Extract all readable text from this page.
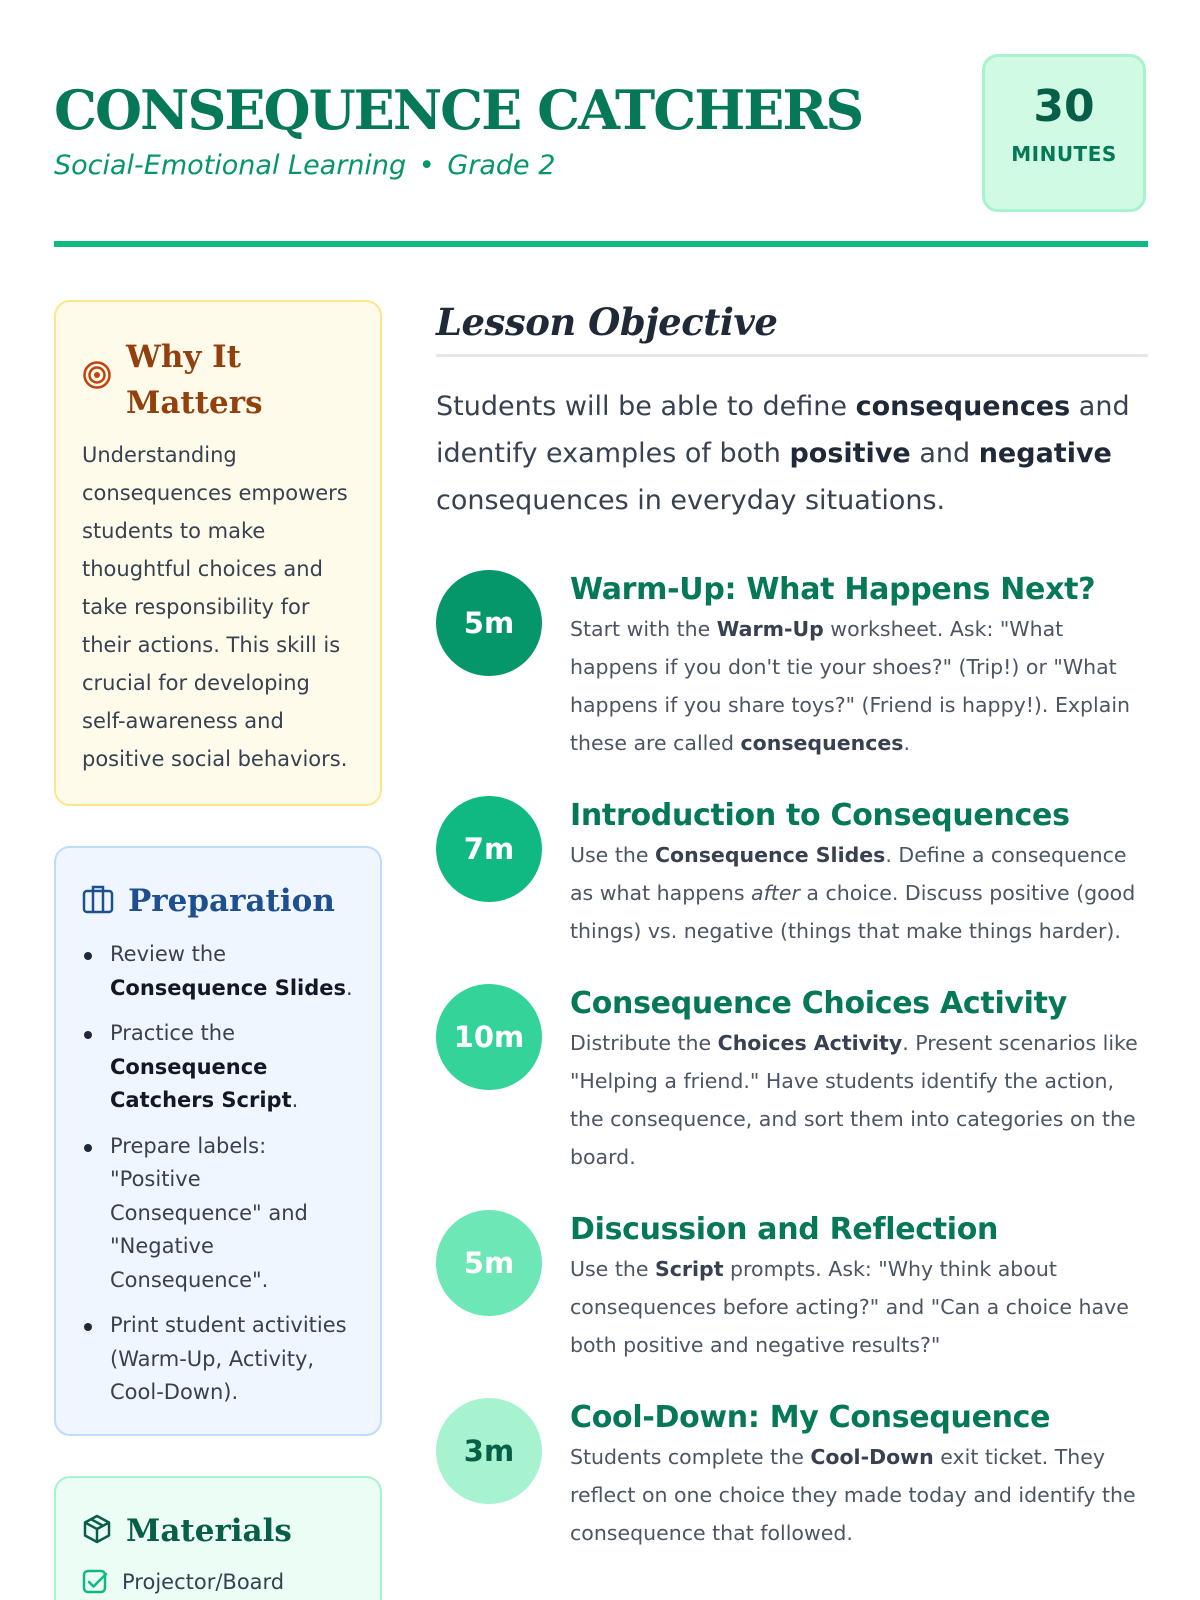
CONSEQUENCE CATCHERS
Social-Emotional Learning • Grade 2
30
MINUTES
Why It Matters

Understanding consequences empowers students to make thoughtful choices and take responsibility for their actions. This skill is crucial for developing self-awareness and positive social behaviors.

Preparation
Review the Consequence Slides.
Practice the Consequence Catchers Script.
Prepare labels: "Positive Consequence" and "Negative Consequence".
Print student activities (Warm-Up, Activity, Cool-Down).
Materials
Projector/Board
Lesson Objective

Students will be able to define consequences and identify examples of both positive and negative consequences in everyday situations.

5m
Warm-Up: What Happens Next?

Start with the Warm-Up worksheet. Ask: "What happens if you don't tie your shoes?" (Trip!) or "What happens if you share toys?" (Friend is happy!). Explain these are called consequences.

7m
Introduction to Consequences

Use the Consequence Slides. Define a consequence as what happens after a choice. Discuss positive (good things) vs. negative (things that make things harder).

10m
Consequence Choices Activity

Distribute the Choices Activity. Present scenarios like "Helping a friend." Have students identify the action, the consequence, and sort them into categories on the board.

5m
Discussion and Reflection

Use the Script prompts. Ask: "Why think about consequences before acting?" and "Can a choice have both positive and negative results?"

3m
Cool-Down: My Consequence

Students complete the Cool-Down exit ticket. They reflect on one choice they made today and identify the consequence that followed.
